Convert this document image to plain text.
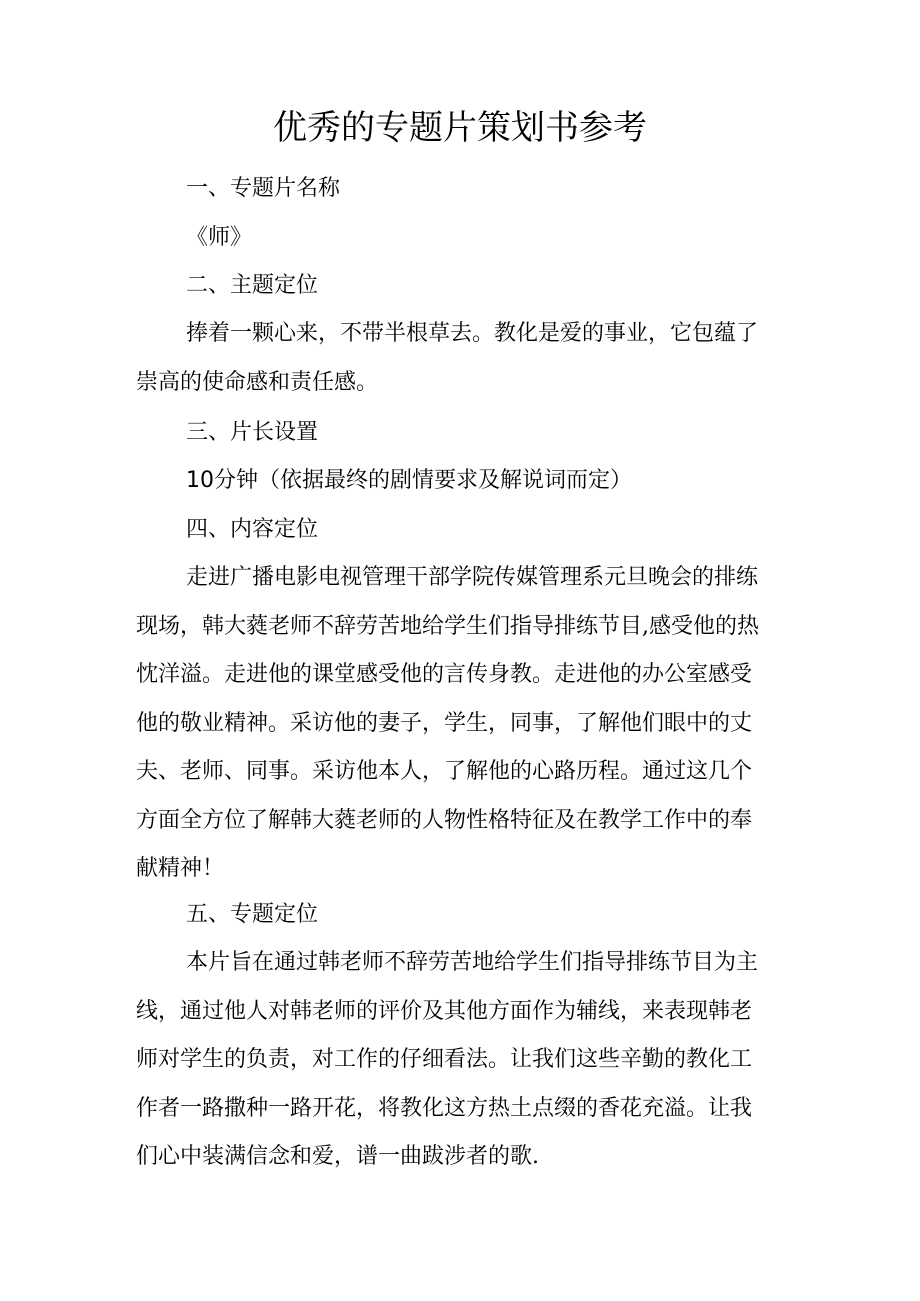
优秀的专题片策划书参考

一、专题片名称

《师》

二、主题定位

捧着一颗心来，不带半根草去。教化是爱的事业，它包蕴了
崇高的使命感和责任感。

三、片长设置

10分钟（依据最终的剧情要求及解说词而定）

四、内容定位

走进广播电影电视管理干部学院传媒管理系元旦晚会的排练
现场，韩大蕤老师不辞劳苦地给学生们指导排练节目,感受他的热
忱洋溢。走进他的课堂感受他的言传身教。走进他的办公室感受
他的敬业精神。采访他的妻子，学生，同事，了解他们眼中的丈
夫、老师、同事。采访他本人，了解他的心路历程。通过这几个
方面全方位了解韩大蕤老师的人物性格特征及在教学工作中的奉
献精神！

五、专题定位

本片旨在通过韩老师不辞劳苦地给学生们指导排练节目为主
线，通过他人对韩老师的评价及其他方面作为辅线，来表现韩老
师对学生的负责，对工作的仔细看法。让我们这些辛勤的教化工
作者一路撒种一路开花，将教化这方热土点缀的香花充溢。让我
们心中装满信念和爱，谱一曲跋涉者的歌.
